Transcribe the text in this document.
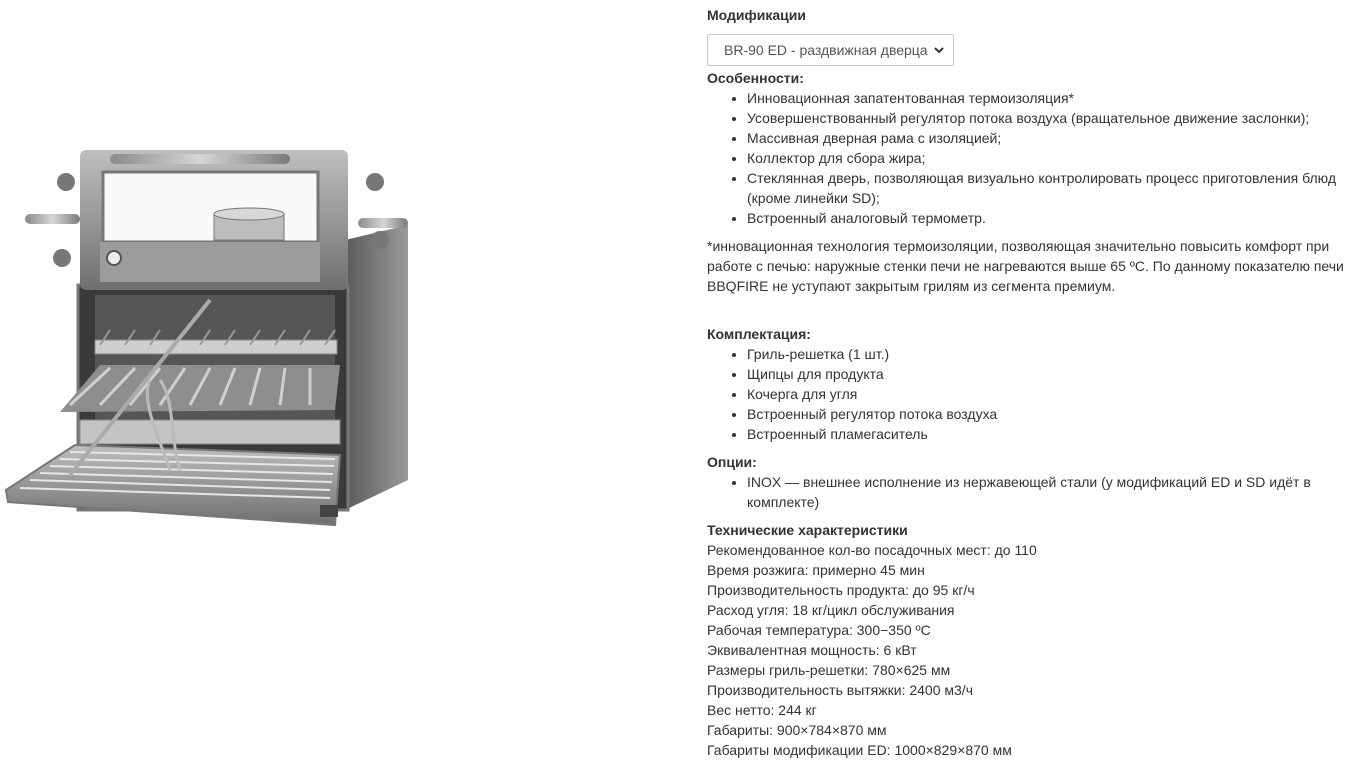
Модификации

BR-90 ED - раздвижная дверца

Особенности:

• Инновационная запатентованная термоизоляция*
• Усовершенствованный регулятор потока воздуха (вращательное движение заслонки);
• Массивная дверная рама с изоляцией;
• Коллектор для сбора жира;
• Стеклянная дверь, позволяющая визуально контролировать процесс приготовления блюд (кроме линейки SD);
• Встроенный аналоговый термометр.

*инновационная технология термоизоляции, позволяющая значительно повысить комфорт при работе с печью: наружные стенки печи не нагреваются выше 65 ºC. По данному показателю печи BBQFIRE не уступают закрытым грилям из сегмента премиум.

Комплектация:

• Гриль-решетка (1 шт.)
• Щипцы для продукта
• Кочерга для угля
• Встроенный регулятор потока воздуха
• Встроенный пламегаситель

Опции:

• INOX — внешнее исполнение из нержавеющей стали (у модификаций ED и SD идёт в комплекте)

Технические характеристики

Рекомендованное кол-во посадочных мест: до 110

Время розжига: примерно 45 мин

Производительность продукта: до 95 кг/ч

Расход угля: 18 кг/цикл обслуживания

Рабочая температура: 300−350 ºC

Эквивалентная мощность: 6 кВт

Размеры гриль-решетки: 780×625 мм

Производительность вытяжки: 2400 м3/ч

Вес нетто: 244 кг

Габариты: 900×784×870 мм

Габариты модификации ED: 1000×829×870 мм
